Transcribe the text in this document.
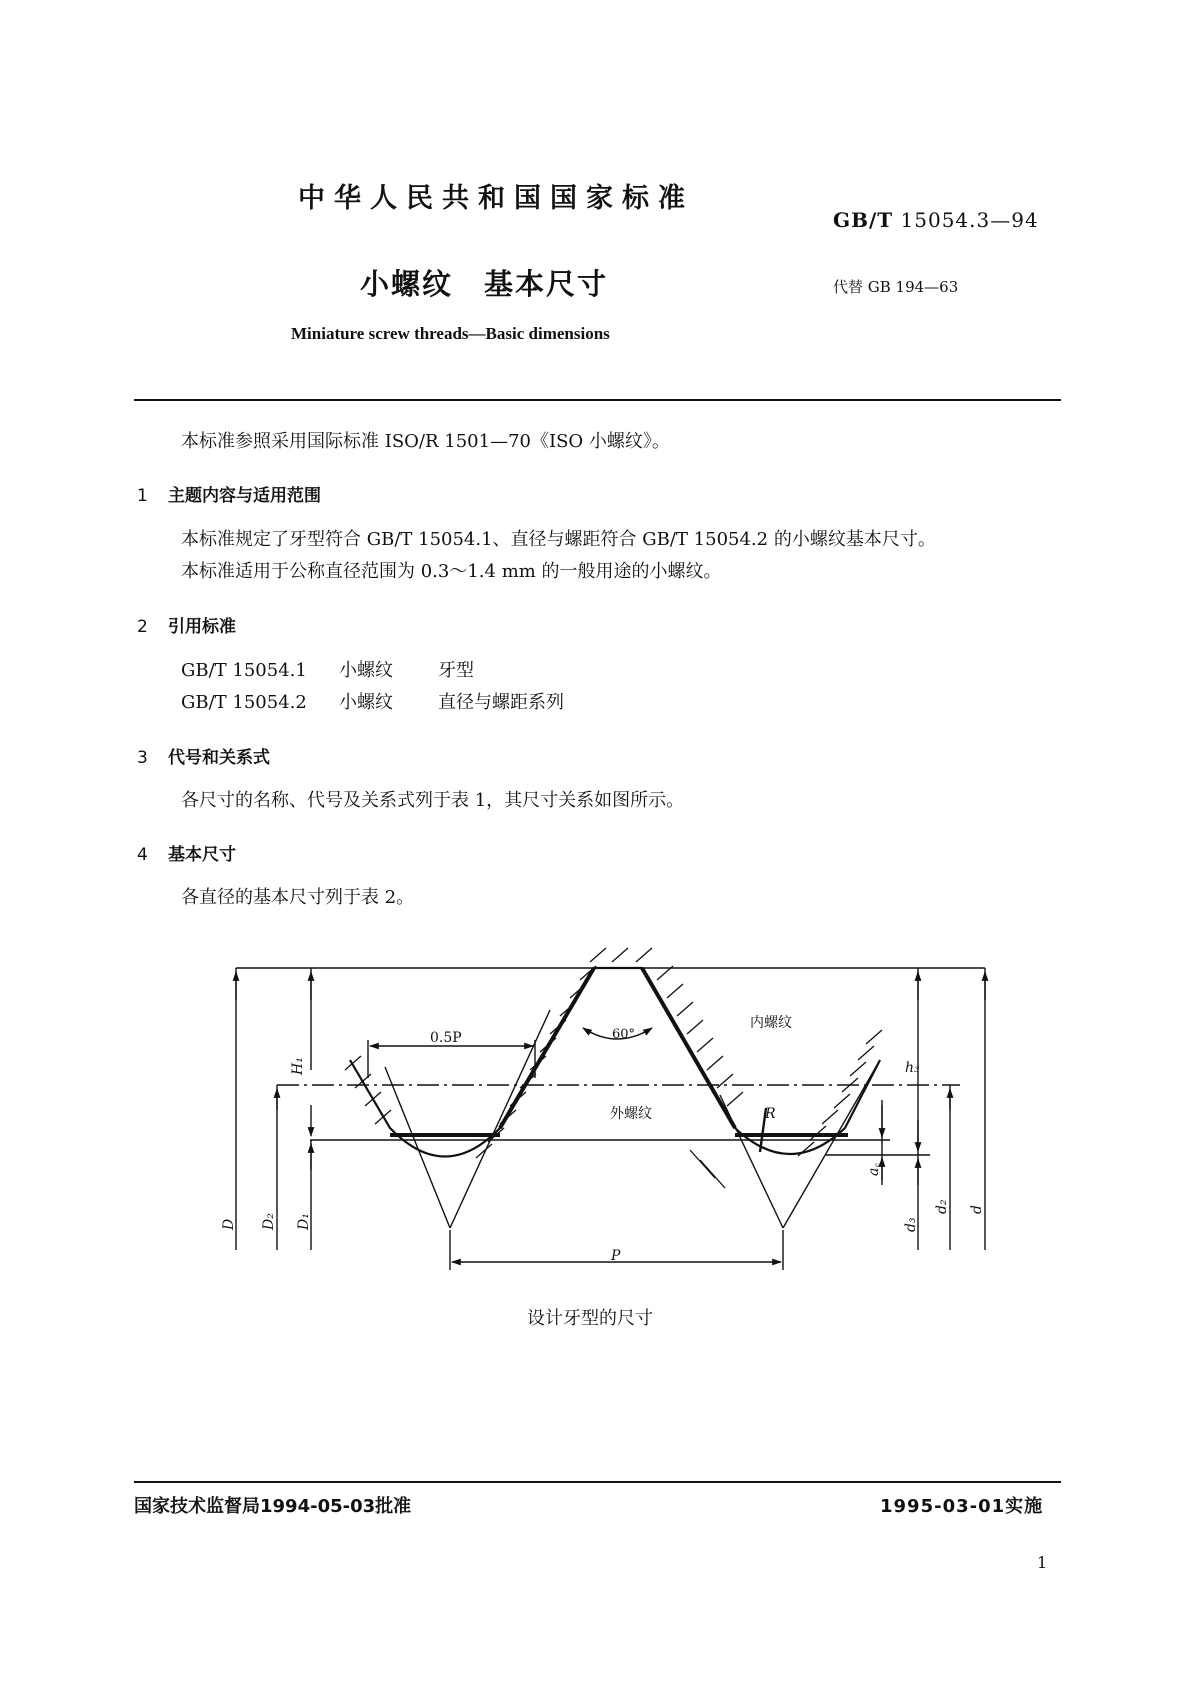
中华人民共和国国家标准
GB/T 15054.3—94
小螺纹　基本尺寸	代替 GB 194—63
Miniature screw threads—Basic dimensions
本标准参照采用国际标准 ISO/R 1501—70《ISO 小螺纹》。
1 主题内容与适用范围
本标准规定了牙型符合 GB/T 15054.1、直径与螺距符合 GB/T 15054.2 的小螺纹基本尺寸。
本标准适用于公称直径范围为 0.3～1.4 mm 的一般用途的小螺纹。
2 引用标准
GB/T 15054.1 小螺纹	牙型
GB/T 15054.2 小螺纹	直径与螺距系列
3 代号和关系式
各尺寸的名称、代号及关系式列于表 1，其尺寸关系如图所示。
4 基本尺寸
各直径的基本尺寸列于表 2。
0.5P	60°
内螺纹
外螺纹
P
R
h₃
H₁
D D₂ D₁
a꜀
d₃
d₂ d
设计牙型的尺寸
国家技术监督局1994-05-03批准	1995-03-01实施
1
